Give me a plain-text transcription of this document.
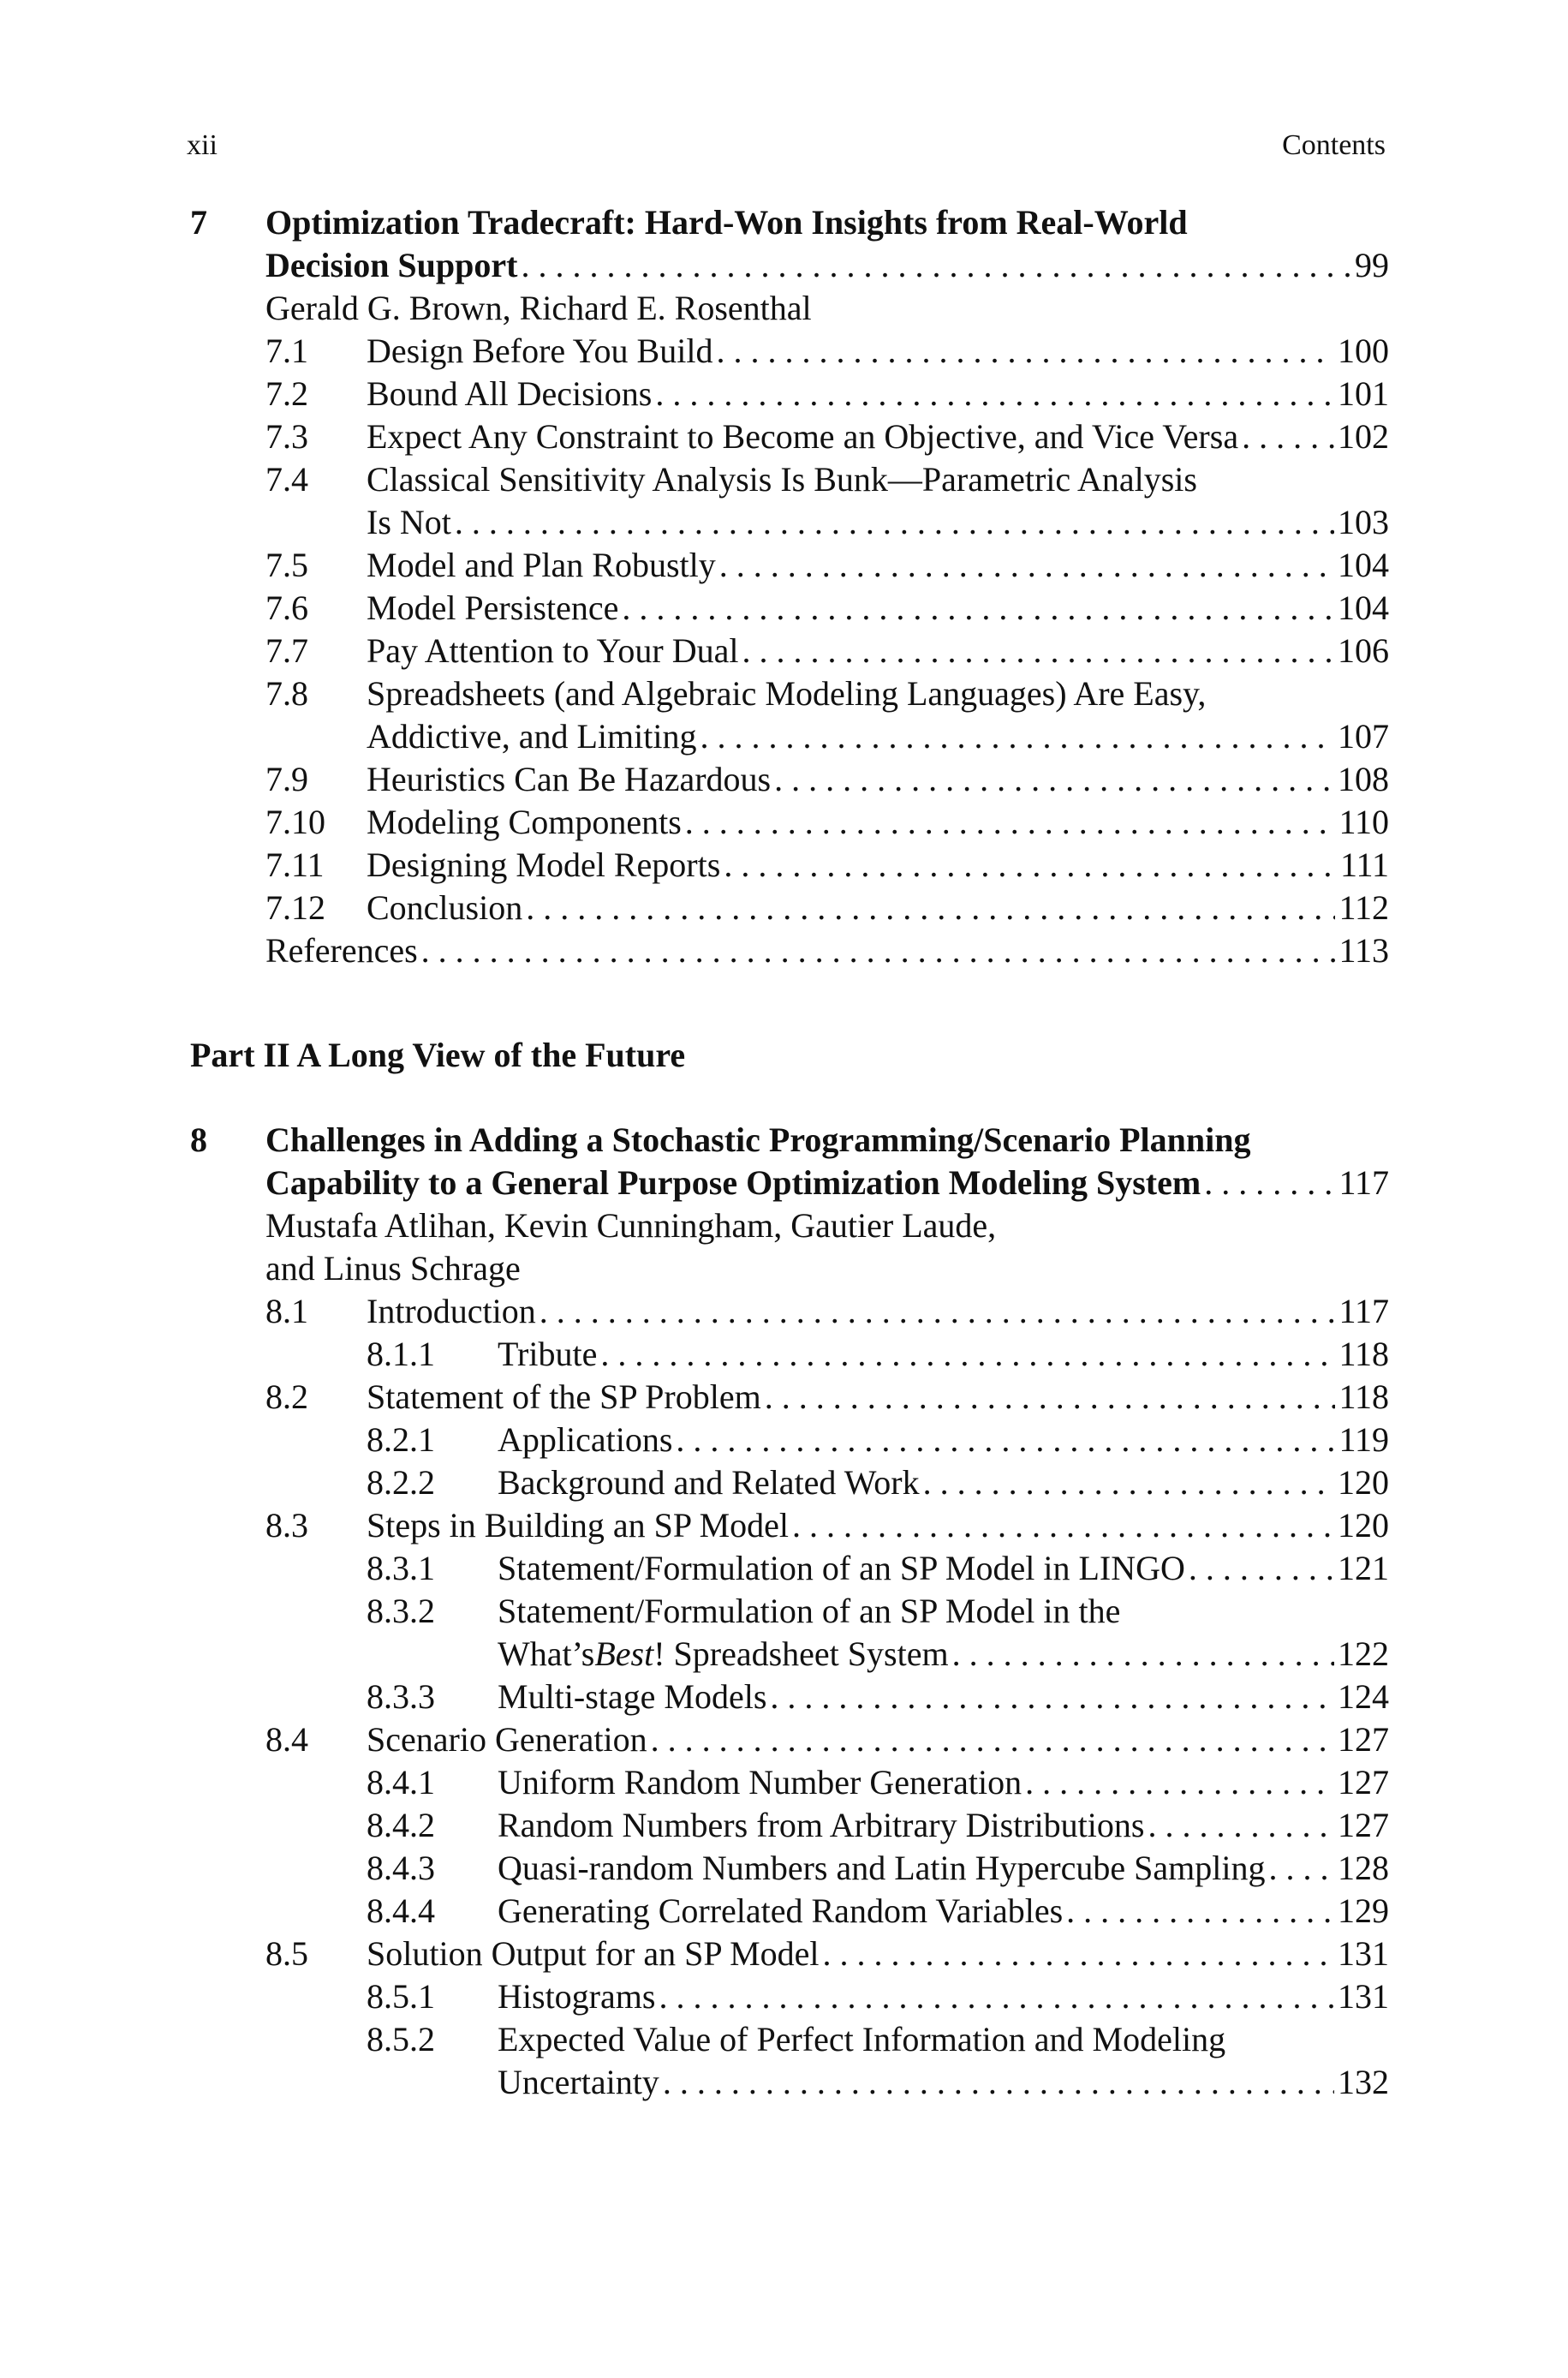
xii	Contents
7 Optimization Tradecraft: Hard-Won Insights from Real-World
Decision Support . . .	99
Gerald G. Brown, Richard E. Rosenthal
7.1	Design Before You Build . . .	100
7.2	Bound All Decisions . . .	101
7.3	Expect Any Constraint to Become an Objective, and Vice Versa . . .	102
7.4	Classical Sensitivity Analysis Is Bunk—Parametric Analysis
Is Not . . .	103
7.5	Model and Plan Robustly . . .	104
7.6	Model Persistence . . .	104
7.7	Pay Attention to Your Dual . . .	106
7.8	Spreadsheets (and Algebraic Modeling Languages) Are Easy,
Addictive, and Limiting . . .	107
7.9	Heuristics Can Be Hazardous . . .	108
7.10	Modeling Components . . .	110
7.11	Designing Model Reports . . .	111
7.12	Conclusion . . .	112
References . . .	113
Part II A Long View of the Future
8 Challenges in Adding a Stochastic Programming/Scenario Planning
Capability to a General Purpose Optimization Modeling System . . .	117
Mustafa Atlihan, Kevin Cunningham, Gautier Laude,
and Linus Schrage
8.1	Introduction . . .	117
8.1.1	Tribute . . .	118
8.2	Statement of the SP Problem . . .	118
8.2.1	Applications . . .	119
8.2.2	Background and Related Work . . .	120
8.3	Steps in Building an SP Model . . .	120
8.3.1	Statement/Formulation of an SP Model in LINGO . . .	121
8.3.2	Statement/Formulation of an SP Model in the
What’sBest! Spreadsheet System . . .	122
8.3.3	Multi-stage Models . . .	124
8.4	Scenario Generation . . .	127
8.4.1	Uniform Random Number Generation . . .	127
8.4.2	Random Numbers from Arbitrary Distributions . . .	127
8.4.3	Quasi-random Numbers and Latin Hypercube Sampling . . . 128
8.4.4	Generating Correlated Random Variables . . .	129
8.5	Solution Output for an SP Model . . .	131
8.5.1	Histograms . . .	131
8.5.2	Expected Value of Perfect Information and Modeling
Uncertainty . . .	132
